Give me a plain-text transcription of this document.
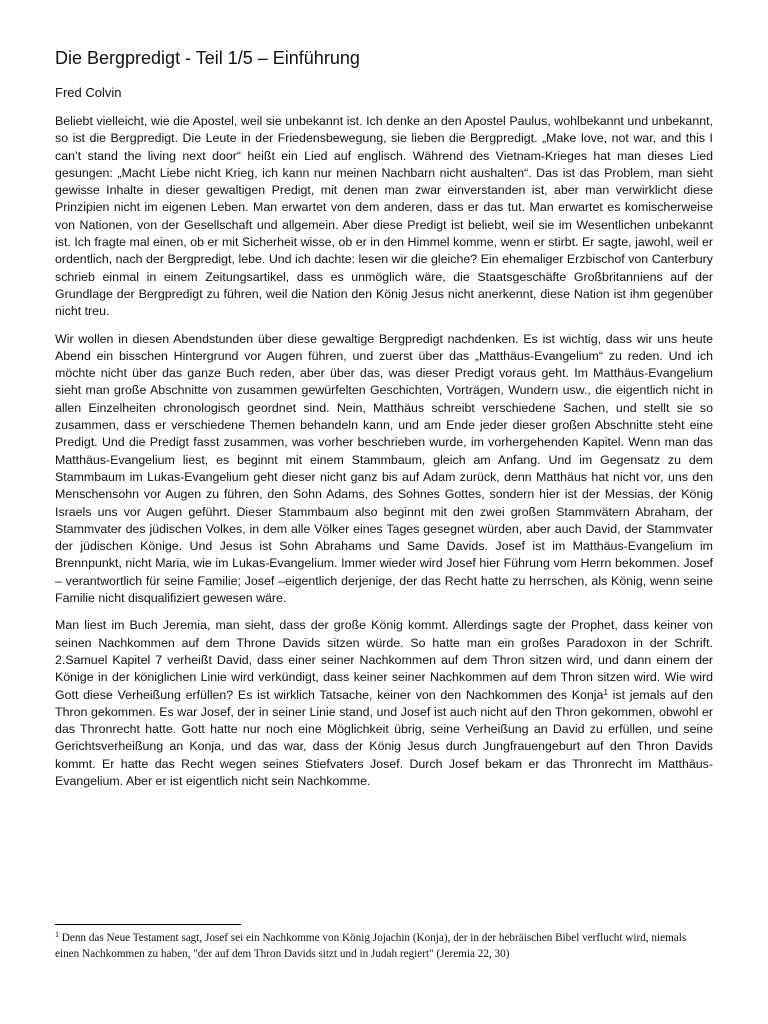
Die Bergpredigt - Teil 1/5 – Einführung

Fred Colvin

Beliebt vielleicht, wie die Apostel, weil sie unbekannt ist. Ich denke an den Apostel Paulus, wohlbekannt und unbekannt, so ist die Bergpredigt. Die Leute in der Friedensbewegung, sie lieben die Bergpredigt. „Make love, not war, and this I can’t stand the living next door“ heißt ein Lied auf englisch. Während des Vietnam-Krieges hat man dieses Lied gesungen: „Macht Liebe nicht Krieg, ich kann nur meinen Nachbarn nicht aushalten“. Das ist das Problem, man sieht gewisse Inhalte in dieser gewaltigen Predigt, mit denen man zwar einverstanden ist, aber man verwirklicht diese Prinzipien nicht im eigenen Leben. Man erwartet von dem anderen, dass er das tut. Man erwartet es komischerweise von Nationen, von der Gesellschaft und allgemein. Aber diese Predigt ist beliebt, weil sie im Wesentlichen unbekannt ist. Ich fragte mal einen, ob er mit Sicherheit wisse, ob er in den Himmel komme, wenn er stirbt. Er sagte, jawohl, weil er ordentlich, nach der Bergpredigt, lebe. Und ich dachte: lesen wir die gleiche? Ein ehemaliger Erzbischof von Canterbury schrieb einmal in einem Zeitungsartikel, dass es unmöglich wäre, die Staatsgeschäfte Großbritanniens auf der Grundlage der Bergpredigt zu führen, weil die Nation den König Jesus nicht anerkennt, diese Nation ist ihm gegenüber nicht treu.

Wir wollen in diesen Abendstunden über diese gewaltige Bergpredigt nachdenken. Es ist wichtig, dass wir uns heute Abend ein bisschen Hintergrund vor Augen führen, und zuerst über das „Matthäus-Evangelium“ zu reden. Und ich möchte nicht über das ganze Buch reden, aber über das, was dieser Predigt voraus geht. Im Matthäus-Evangelium sieht man große Abschnitte von zusammen gewürfelten Geschichten, Vorträgen, Wundern usw., die eigentlich nicht in allen Einzelheiten chronologisch geordnet sind. Nein, Matthäus schreibt verschiedene Sachen, und stellt sie so zusammen, dass er verschiedene Themen behandeln kann, und am Ende jeder dieser großen Abschnitte steht eine Predigt. Und die Predigt fasst zusammen, was vorher beschrieben wurde, im vorhergehenden Kapitel. Wenn man das Matthäus-Evangelium liest, es beginnt mit einem Stammbaum, gleich am Anfang. Und im Gegensatz zu dem Stammbaum im Lukas-Evangelium geht dieser nicht ganz bis auf Adam zurück, denn Matthäus hat nicht vor, uns den Menschensohn vor Augen zu führen, den Sohn Adams, des Sohnes Gottes, sondern hier ist der Messias, der König Israels uns vor Augen geführt. Dieser Stammbaum also beginnt mit den zwei großen Stammvätern Abraham, der Stammvater des jüdischen Volkes, in dem alle Völker eines Tages gesegnet würden, aber auch David, der Stammvater der jüdischen Könige. Und Jesus ist Sohn Abrahams und Same Davids. Josef ist im Matthäus-Evangelium im Brennpunkt, nicht Maria, wie im Lukas-Evangelium. Immer wieder wird Josef hier Führung vom Herrn bekommen. Josef – verantwortlich für seine Familie; Josef –eigentlich derjenige, der das Recht hatte zu herrschen, als König, wenn seine Familie nicht disqualifiziert gewesen wäre.

Man liest im Buch Jeremia, man sieht, dass der große König kommt. Allerdings sagte der Prophet, dass keiner von seinen Nachkommen auf dem Throne Davids sitzen würde. So hatte man ein großes Paradoxon in der Schrift. 2.Samuel Kapitel 7 verheißt David, dass einer seiner Nachkommen auf dem Thron sitzen wird, und dann einem der Könige in der königlichen Linie wird verkündigt, dass keiner seiner Nachkommen auf dem Thron sitzen wird. Wie wird Gott diese Verheißung erfüllen? Es ist wirklich Tatsache, keiner von den Nachkommen des Konja$^1$ ist jemals auf den Thron gekommen. Es war Josef, der in seiner Linie stand, und Josef ist auch nicht auf den Thron gekommen, obwohl er das Thronrecht hatte. Gott hatte nur noch eine Möglichkeit übrig, seine Verheißung an David zu erfüllen, und seine Gerichtsverheißung an Konja, und das war, dass der König Jesus durch Jungfrauengeburt auf den Thron Davids kommt. Er hatte das Recht wegen seines Stiefvaters Josef. Durch Josef bekam er das Thronrecht im Matthäus-Evangelium. Aber er ist eigentlich nicht sein Nachkomme.

$^1$ Denn das Neue Testament sagt, Josef sei ein Nachkomme von König Jojachin (Konja), der in der hebräischen Bibel verflucht wird, niemals einen Nachkommen zu haben, "der auf dem Thron Davids sitzt und in Judah regiert" (Jeremia 22, 30)
